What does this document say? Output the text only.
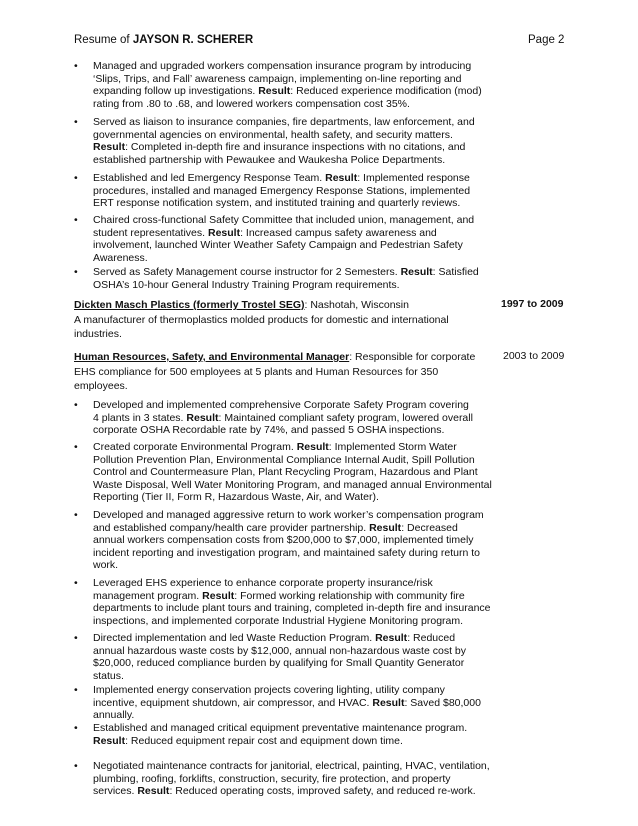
Resume of JAYSON R. SCHERER	Page 2
•	Managed and upgraded workers compensation insurance program by introducing
‘Slips, Trips, and Fall’ awareness campaign, implementing on-line reporting and
expanding follow up investigations. Result: Reduced experience modification (mod)
rating from .80 to .68, and lowered workers compensation cost 35%.
•	Served as liaison to insurance companies, fire departments, law enforcement, and
governmental agencies on environmental, health safety, and security matters.
Result: Completed in-depth fire and insurance inspections with no citations, and
established partnership with Pewaukee and Waukesha Police Departments.
•	Established and led Emergency Response Team. Result: Implemented response
procedures, installed and managed Emergency Response Stations, implemented
ERT response notification system, and instituted training and quarterly reviews.
•	Chaired cross-functional Safety Committee that included union, management, and
student representatives. Result: Increased campus safety awareness and
involvement, launched Winter Weather Safety Campaign and Pedestrian Safety
Awareness.
•	Served as Safety Management course instructor for 2 Semesters. Result: Satisfied
OSHA’s 10-hour General Industry Training Program requirements.
Dickten Masch Plastics (formerly Trostel SEG): Nashotah, Wisconsin
A manufacturer of thermoplastics molded products for domestic and international
industries.
1997 to 2009
Human Resources, Safety, and Environmental Manager: Responsible for corporate
EHS compliance for 500 employees at 5 plants and Human Resources for 350
employees.
2003 to 2009
•	Developed and implemented comprehensive Corporate Safety Program covering
4 plants in 3 states. Result: Maintained compliant safety program, lowered overall
corporate OSHA Recordable rate by 74%, and passed 5 OSHA inspections.
•	Created corporate Environmental Program. Result: Implemented Storm Water
Pollution Prevention Plan, Environmental Compliance Internal Audit, Spill Pollution
Control and Countermeasure Plan, Plant Recycling Program, Hazardous and Plant
Waste Disposal, Well Water Monitoring Program, and managed annual Environmental
Reporting (Tier II, Form R, Hazardous Waste, Air, and Water).
•	Developed and managed aggressive return to work worker’s compensation program
and established company/health care provider partnership. Result: Decreased
annual workers compensation costs from $200,000 to $7,000, implemented timely
incident reporting and investigation program, and maintained safety during return to
work.
•	Leveraged EHS experience to enhance corporate property insurance/risk
management program. Result: Formed working relationship with community fire
departments to include plant tours and training, completed in-depth fire and insurance
inspections, and implemented corporate Industrial Hygiene Monitoring program.
•	Directed implementation and led Waste Reduction Program. Result: Reduced
annual hazardous waste costs by $12,000, annual non-hazardous waste cost by
$20,000, reduced compliance burden by qualifying for Small Quantity Generator
status.
•	Implemented energy conservation projects covering lighting, utility company
incentive, equipment shutdown, air compressor, and HVAC. Result: Saved $80,000
annually.
•	Established and managed critical equipment preventative maintenance program.
Result: Reduced equipment repair cost and equipment down time.
•	Negotiated maintenance contracts for janitorial, electrical, painting, HVAC, ventilation,
plumbing, roofing, forklifts, construction, security, fire protection, and property
services. Result: Reduced operating costs, improved safety, and reduced re-work.
